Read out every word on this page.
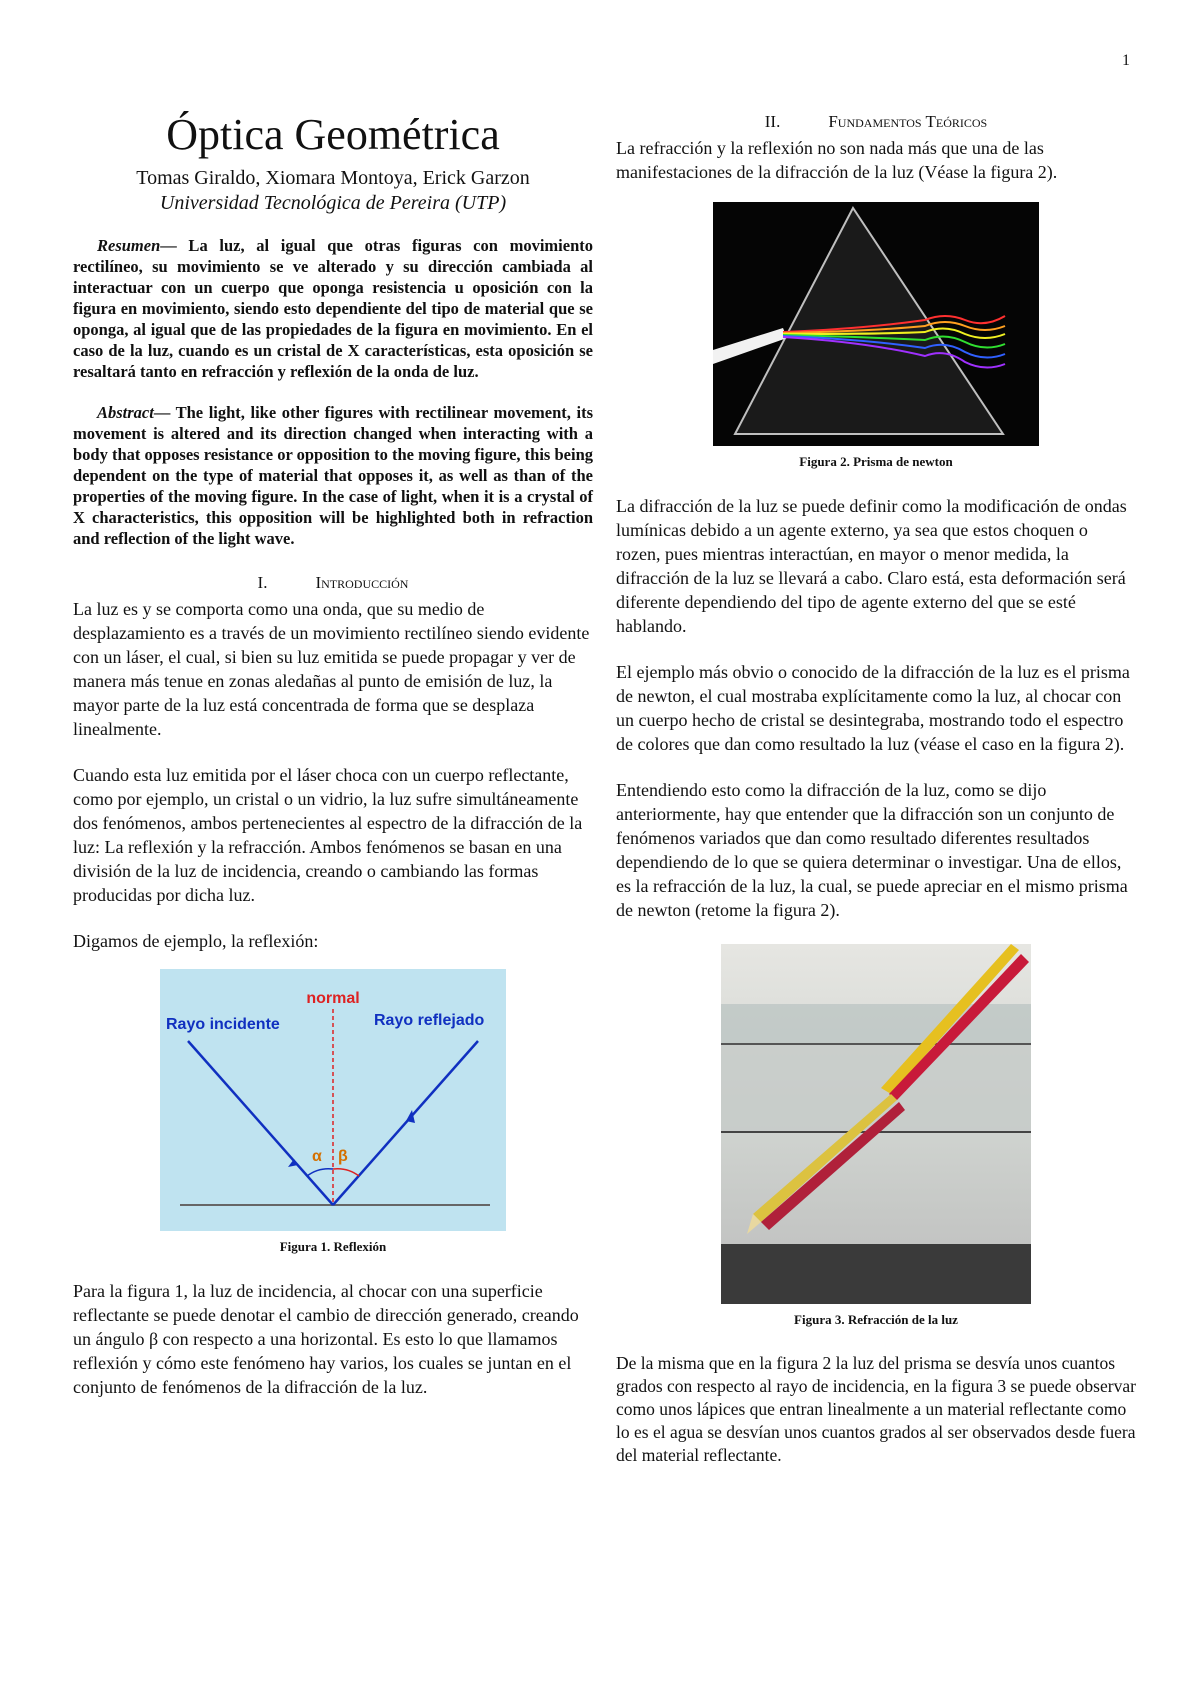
1
Óptica Geométrica
Tomas Giraldo, Xiomara Montoya, Erick Garzon
Universidad Tecnológica de Pereira (UTP)
Resumen— La luz, al igual que otras figuras con movimiento rectilíneo, su movimiento se ve alterado y su dirección cambiada al interactuar con un cuerpo que oponga resistencia u oposición con la figura en movimiento, siendo esto dependiente del tipo de material que se oponga, al igual que de las propiedades de la figura en movimiento. En el caso de la luz, cuando es un cristal de X características, esta oposición se resaltará tanto en refracción y reflexión de la onda de luz.
Abstract— The light, like other figures with rectilinear movement, its movement is altered and its direction changed when interacting with a body that opposes resistance or opposition to the moving figure, this being dependent on the type of material that opposes it, as well as than of the properties of the moving figure. In the case of light, when it is a crystal of X characteristics, this opposition will be highlighted both in refraction and reflection of the light wave.
I.	Introducción

La luz es y se comporta como una onda, que su medio de desplazamiento es a través de un movimiento rectilíneo siendo evidente con un láser, el cual, si bien su luz emitida se puede propagar y ver de manera más tenue en zonas aledañas al punto de emisión de luz, la mayor parte de la luz está concentrada de forma que se desplaza linealmente.

Cuando esta luz emitida por el láser choca con un cuerpo reflectante, como por ejemplo, un cristal o un vidrio, la luz sufre simultáneamente dos fenómenos, ambos pertenecientes al espectro de la difracción de la luz: La reflexión y la refracción. Ambos fenómenos se basan en una división de la luz de incidencia, creando o cambiando las formas producidas por dicha luz.

Digamos de ejemplo, la reflexión:

normal
Rayo incidente	Rayo reflejado
α β
Figura 1. Reflexión

Para la figura 1, la luz de incidencia, al chocar con una superficie reflectante se puede denotar el cambio de dirección generado, creando un ángulo β con respecto a una horizontal. Es esto lo que llamamos reflexión y cómo este fenómeno hay varios, los cuales se juntan en el conjunto de fenómenos de la difracción de la luz.

II.	Fundamentos Teóricos

La refracción y la reflexión no son nada más que una de las manifestaciones de la difracción de la luz (Véase la figura 2).

Figura 2. Prisma de newton

La difracción de la luz se puede definir como la modificación de ondas lumínicas debido a un agente externo, ya sea que estos choquen o rozen, pues mientras interactúan, en mayor o menor medida, la difracción de la luz se llevará a cabo. Claro está, esta deformación será diferente dependiendo del tipo de agente externo del que se esté hablando.

El ejemplo más obvio o conocido de la difracción de la luz es el prisma de newton, el cual mostraba explícitamente como la luz, al chocar con un cuerpo hecho de cristal se desintegraba, mostrando todo el espectro de colores que dan como resultado la luz (véase el caso en la figura 2).

Entendiendo esto como la difracción de la luz, como se dijo anteriormente, hay que entender que la difracción son un conjunto de fenómenos variados que dan como resultado diferentes resultados dependiendo de lo que se quiera determinar o investigar. Una de ellos, es la refracción de la luz, la cual, se puede apreciar en el mismo prisma de newton (retome la figura 2).

Figura 3. Refracción de la luz

De la misma que en la figura 2 la luz del prisma se desvía unos cuantos grados con respecto al rayo de incidencia, en la figura 3 se puede observar como unos lápices que entran linealmente a un material reflectante como lo es el agua se desvían unos cuantos grados al ser observados desde fuera del material reflectante.
